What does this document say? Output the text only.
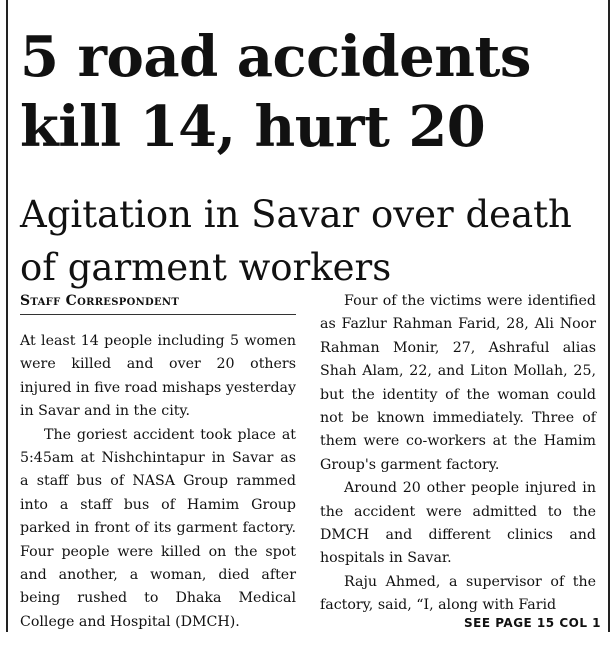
5 road accidents
kill 14, hurt 20
Agitation in Savar over death
of garment workers
Staff Correspondent

At least 14 people including 5 women were killed and over 20 others injured in five road mishaps yesterday in Savar and in the city.

The goriest accident took place at 5:45am at Nishchintapur in Savar as a staff bus of NASA Group rammed into a staff bus of Hamim Group parked in front of its garment factory. Four people were killed on the spot and another, a woman, died after being rushed to Dhaka Medical College and Hospital (DMCH).

Four of the victims were identified as Fazlur Rahman Farid, 28, Ali Noor Rahman Monir, 27, Ashraful alias Shah Alam, 22, and Liton Mollah, 25, but the identity of the woman could not be known immediately. Three of them were co-workers at the Hamim Group's garment factory.

Around 20 other people injured in the accident were admitted to the DMCH and different clinics and hospitals in Savar.

Raju Ahmed, a supervisor of the factory, said, “I, along with Farid

SEE PAGE 15 COL 1
